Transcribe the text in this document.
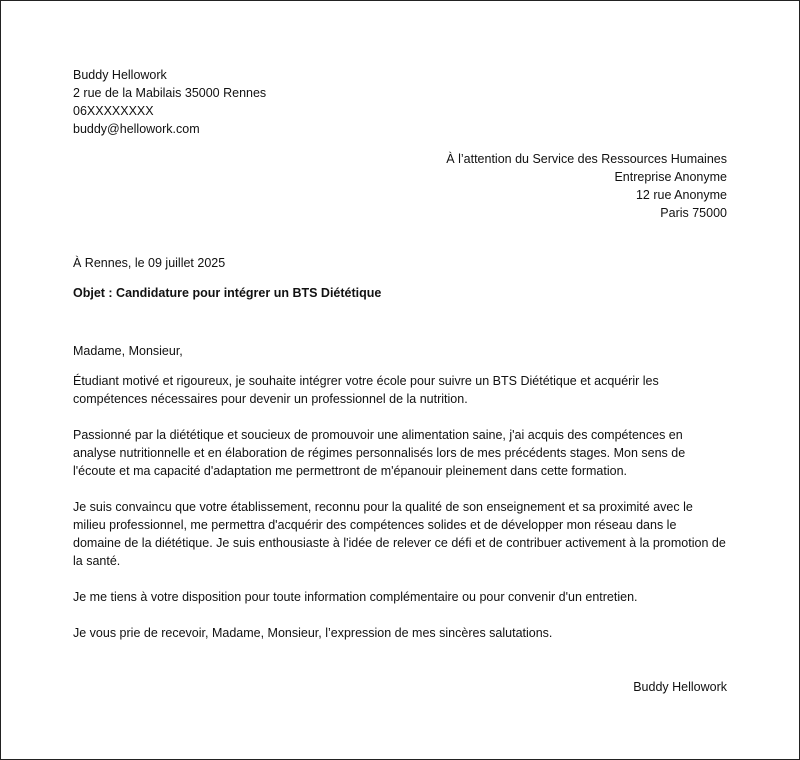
Buddy Hellowork
2 rue de la Mabilais 35000 Rennes
06XXXXXXXX
buddy@hellowork.com
À l’attention du Service des Ressources Humaines
Entreprise Anonyme
12 rue Anonyme
Paris 75000
À Rennes, le 09 juillet 2025
Objet : Candidature pour intégrer un BTS Diététique
Madame, Monsieur,

Étudiant motivé et rigoureux, je souhaite intégrer votre école pour suivre un BTS Diététique et acquérir les compétences nécessaires pour devenir un professionnel de la nutrition.

Passionné par la diététique et soucieux de promouvoir une alimentation saine, j'ai acquis des compétences en analyse nutritionnelle et en élaboration de régimes personnalisés lors de mes précédents stages. Mon sens de l'écoute et ma capacité d'adaptation me permettront de m'épanouir pleinement dans cette formation.

Je suis convaincu que votre établissement, reconnu pour la qualité de son enseignement et sa proximité avec le milieu professionnel, me permettra d'acquérir des compétences solides et de développer mon réseau dans le domaine de la diététique. Je suis enthousiaste à l'idée de relever ce défi et de contribuer activement à la promotion de la santé.

Je me tiens à votre disposition pour toute information complémentaire ou pour convenir d'un entretien.

Je vous prie de recevoir, Madame, Monsieur, l’expression de mes sincères salutations.

Buddy Hellowork
